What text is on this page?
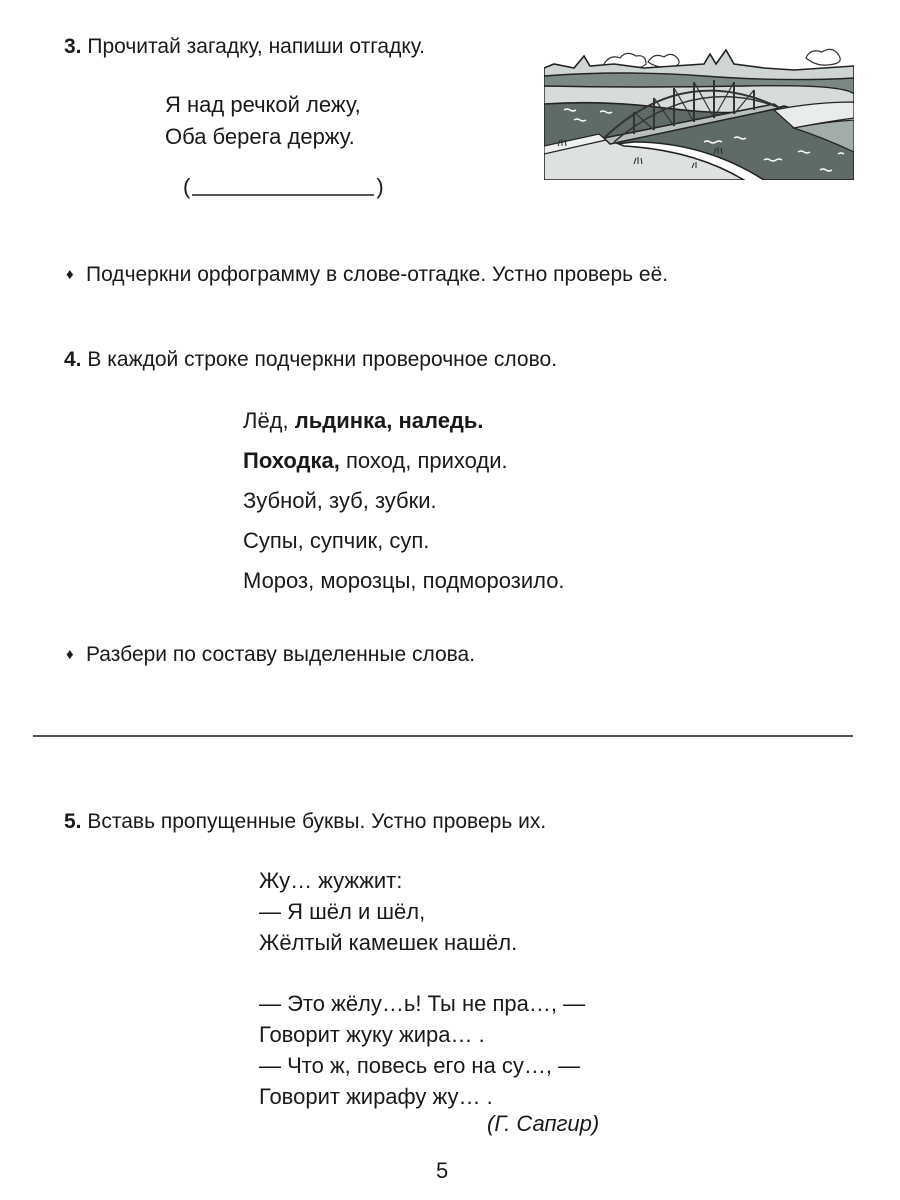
3. Прочитай загадку, напиши отгадку.
Я над речкой лежу,
Оба берега держу.
(	)
♦ Подчеркни орфограмму в слове-отгадке. Устно проверь её.
4. В каждой строке подчеркни проверочное слово.
Лёд, льдинка, наледь.
Походка, поход, приходи.
Зубной, зуб, зубки.
Супы, супчик, суп.
Мороз, морозцы, подморозило.
♦ Разбери по составу выделенные слова.
5. Вставь пропущенные буквы. Устно проверь их.
Жу… жужжит:
— Я шёл и шёл,
Жёлтый камешек нашёл.
— Это жёлу…ь! Ты не пра…, —
Говорит жуку жира… .
— Что ж, повесь его на су…, —
Говорит жирафу жу… .
(Г. Сапгир)
5
